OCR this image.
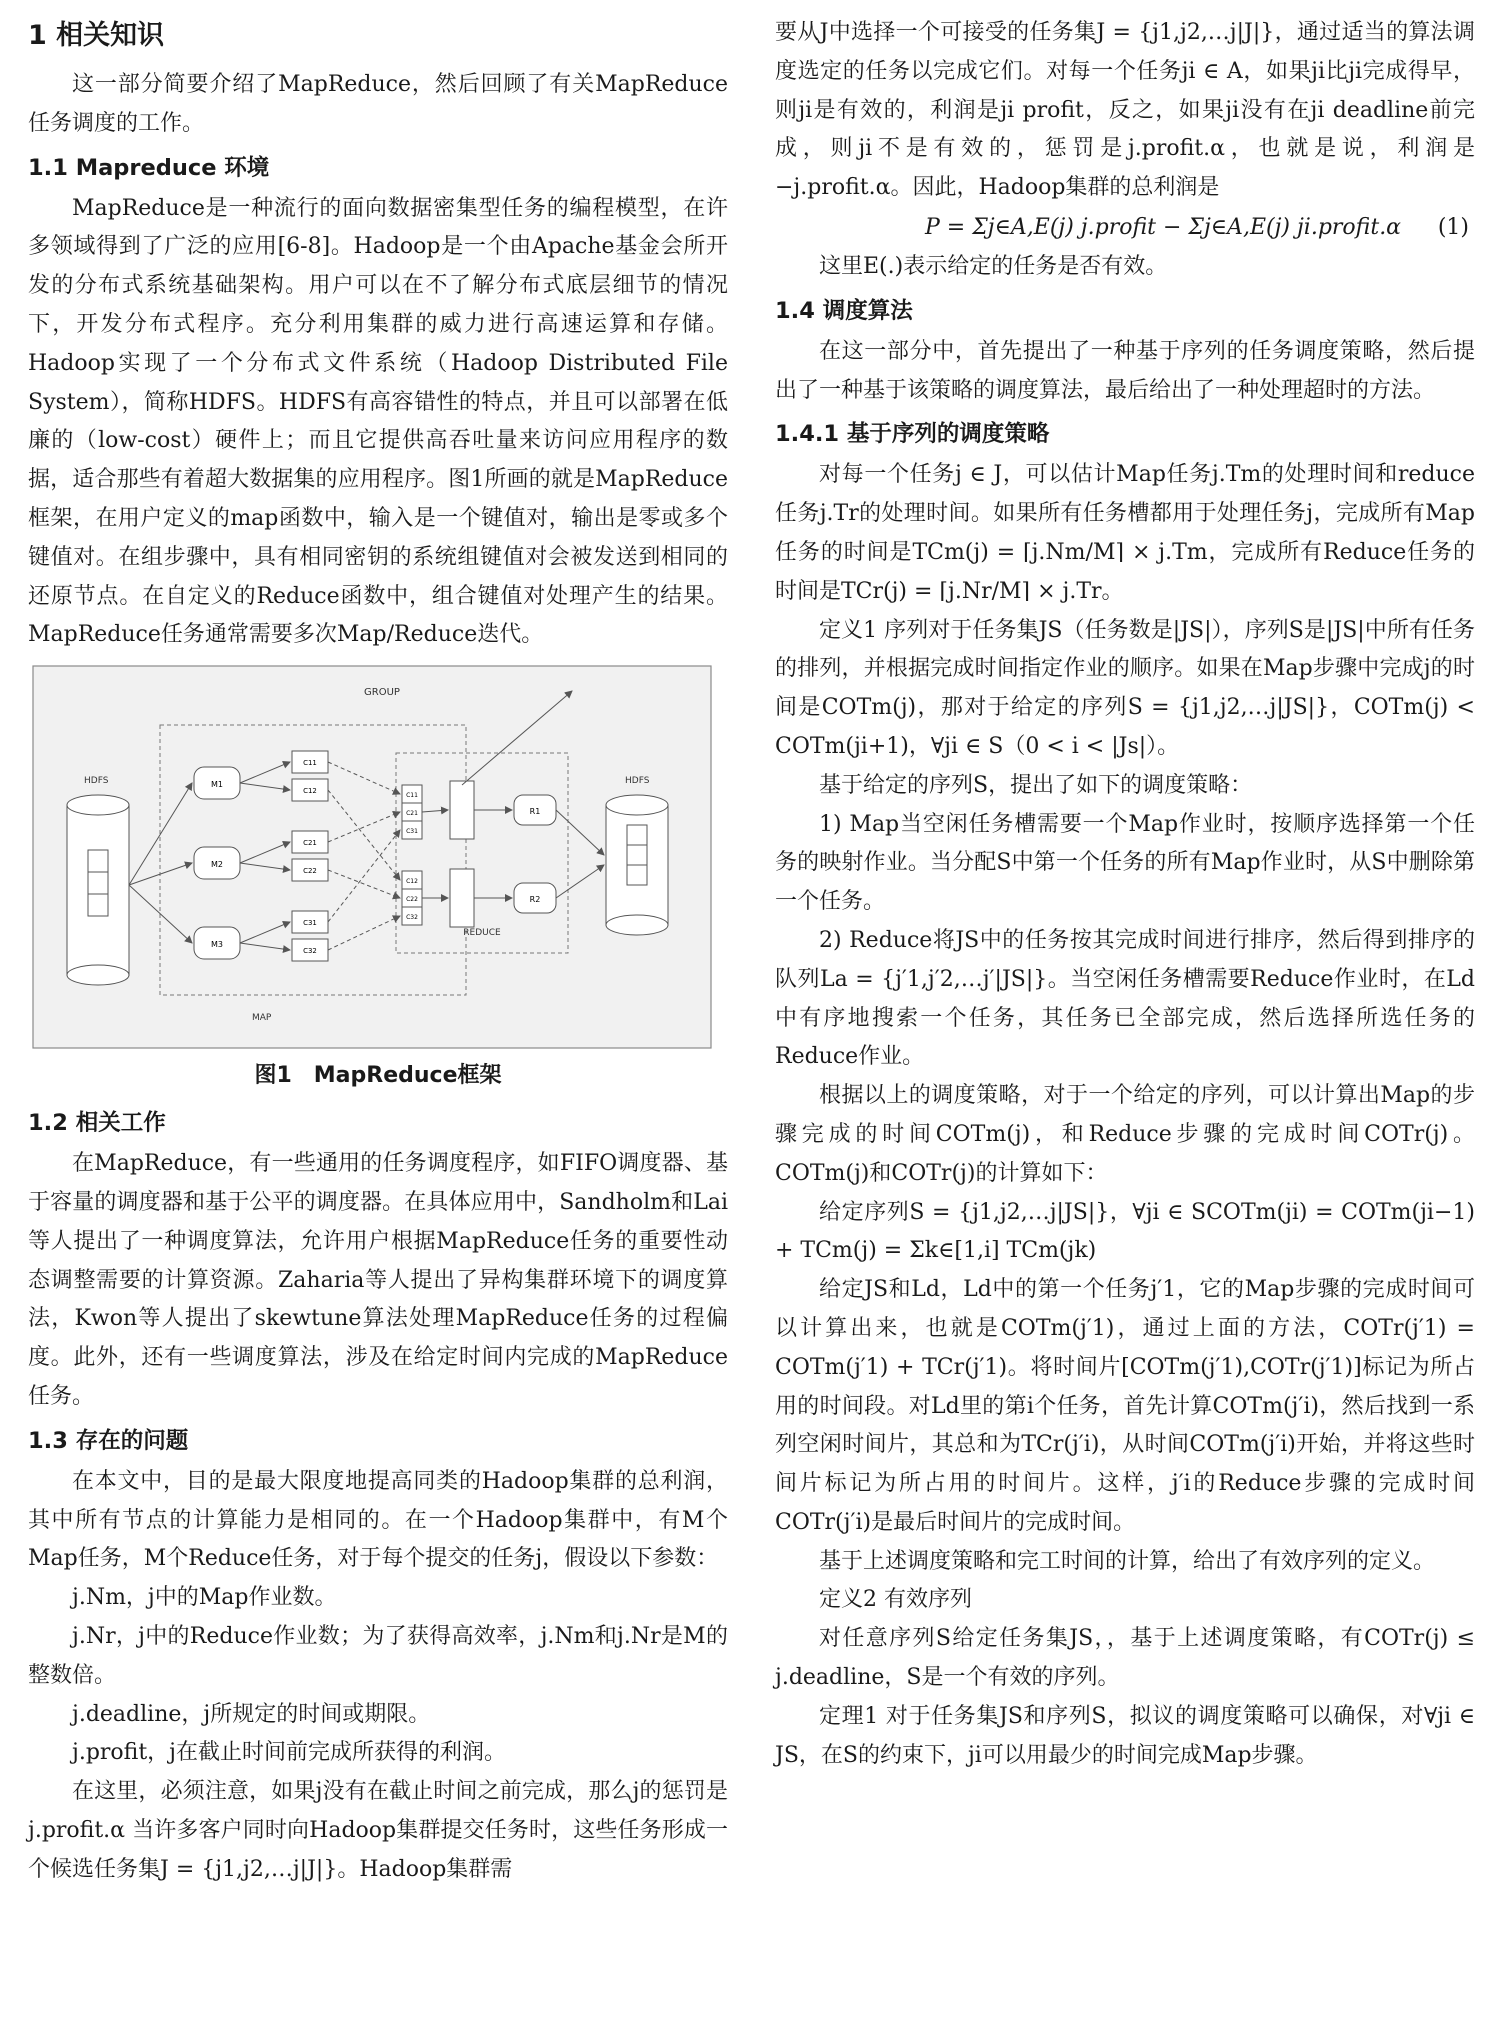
1 相关知识

这一部分简要介绍了MapReduce，然后回顾了有关MapReduce任务调度的工作。

1.1 Mapreduce 环境

MapReduce是一种流行的面向数据密集型任务的编程模型，在许多领域得到了广泛的应用[6-8]。Hadoop是一个由Apache基金会所开发的分布式系统基础架构。用户可以在不了解分布式底层细节的情况下，开发分布式程序。充分利用集群的威力进行高速运算和存储。Hadoop实现了一个分布式文件系统（Hadoop Distributed File System），简称HDFS。HDFS有高容错性的特点，并且可以部署在低廉的（low-cost）硬件上；而且它提供高吞吐量来访问应用程序的数据，适合那些有着超大数据集的应用程序。图1所画的就是MapReduce框架，在用户定义的map函数中，输入是一个键值对，输出是零或多个键值对。在组步骤中，具有相同密钥的系统组键值对会被发送到相同的还原节点。在自定义的Reduce函数中，组合键值对处理产生的结果。MapReduce任务通常需要多次Map/Reduce迭代。

GROUP
MAP
REDUCE
HDFS	HDFS
M1
M2
M3
C11
C12
C21
C22
C31
C32
C11
C21
C31
C12
C22
C32
R1
R2
图1　MapReduce框架
1.2 相关工作

在MapReduce，有一些通用的任务调度程序，如FIFO调度器、基于容量的调度器和基于公平的调度器。在具体应用中，Sandholm和Lai等人提出了一种调度算法，允许用户根据MapReduce任务的重要性动态调整需要的计算资源。Zaharia等人提出了异构集群环境下的调度算法，Kwon等人提出了skewtune算法处理MapReduce任务的过程偏度。此外，还有一些调度算法，涉及在给定时间内完成的MapReduce任务。

1.3 存在的问题

在本文中，目的是最大限度地提高同类的Hadoop集群的总利润，其中所有节点的计算能力是相同的。在一个Hadoop集群中，有M个Map任务，M个Reduce任务，对于每个提交的任务j，假设以下参数：

j.Nm，j中的Map作业数。

j.Nr，j中的Reduce作业数；为了获得高效率，j.Nm和j.Nr是M的整数倍。

j.deadline，j所规定的时间或期限。

j.profit，j在截止时间前完成所获得的利润。

在这里，必须注意，如果j没有在截止时间之前完成，那么j的惩罚是j.profit.α 当许多客户同时向Hadoop集群提交任务时，这些任务形成一个候选任务集J = {j1,j2,…j|J|}。Hadoop集群需

要从J中选择一个可接受的任务集J = {j1,j2,…j|J|}，通过适当的算法调度选定的任务以完成它们。对每一个任务ji ∈ A，如果ji比ji完成得早，则ji是有效的，利润是ji profit，反之，如果ji没有在ji deadline前完成，则ji不是有效的，惩罚是j.profit.α，也就是说，利润是−j.profit.α。因此，Hadoop集群的总利润是

P = Σj∈A,E(j) j.profit − Σj∈A,E(j) ji.profit.α (1)

这里E(.)表示给定的任务是否有效。

1.4 调度算法

在这一部分中，首先提出了一种基于序列的任务调度策略，然后提出了一种基于该策略的调度算法，最后给出了一种处理超时的方法。

1.4.1 基于序列的调度策略

对每一个任务j ∈ J，可以估计Map任务j.Tm的处理时间和reduce任务j.Tr的处理时间。如果所有任务槽都用于处理任务j，完成所有Map任务的时间是TCm(j) = ⌈j.Nm/M⌉ × j.Tm，完成所有Reduce任务的时间是TCr(j) = ⌈j.Nr/M⌉ × j.Tr。

定义1 序列对于任务集JS（任务数是|JS|），序列S是|JS|中所有任务的排列，并根据完成时间指定作业的顺序。如果在Map步骤中完成j的时间是COTm(j)，那对于给定的序列S = {j1,j2,…j|JS|}，COTm(j) < COTm(ji+1)，∀ji ∈ S（0 < i < |Js|）。

基于给定的序列S，提出了如下的调度策略：

1) Map当空闲任务槽需要一个Map作业时，按顺序选择第一个任务的映射作业。当分配S中第一个任务的所有Map作业时，从S中删除第一个任务。

2) Reduce将JS中的任务按其完成时间进行排序，然后得到排序的队列La = {j′1,j′2,…j′|JS|}。当空闲任务槽需要Reduce作业时，在Ld中有序地搜索一个任务，其任务已全部完成，然后选择所选任务的Reduce作业。

根据以上的调度策略，对于一个给定的序列，可以计算出Map的步骤完成的时间COTm(j)，和Reduce步骤的完成时间COTr(j)。COTm(j)和COTr(j)的计算如下：

给定序列S = {j1,j2,…j|JS|}，∀ji ∈ SCOTm(ji) = COTm(ji−1) + TCm(j) = Σk∈[1,i] TCm(jk)

给定JS和Ld，Ld中的第一个任务j′1，它的Map步骤的完成时间可以计算出来，也就是COTm(j′1)，通过上面的方法，COTr(j′1) = COTm(j′1) + TCr(j′1)。将时间片[COTm(j′1),COTr(j′1)]标记为所占用的时间段。对Ld里的第i个任务，首先计算COTm(j′i)，然后找到一系列空闲时间片，其总和为TCr(j′i)，从时间COTm(j′i)开始，并将这些时间片标记为所占用的时间片。这样，j′i的Reduce步骤的完成时间COTr(j′i)是最后时间片的完成时间。

基于上述调度策略和完工时间的计算，给出了有效序列的定义。

定义2 有效序列

对任意序列S给定任务集JS，，基于上述调度策略，有COTr(j) ≤ j.deadline，S是一个有效的序列。

定理1 对于任务集JS和序列S，拟议的调度策略可以确保，对∀ji ∈ JS，在S的约束下，ji可以用最少的时间完成Map步骤。
